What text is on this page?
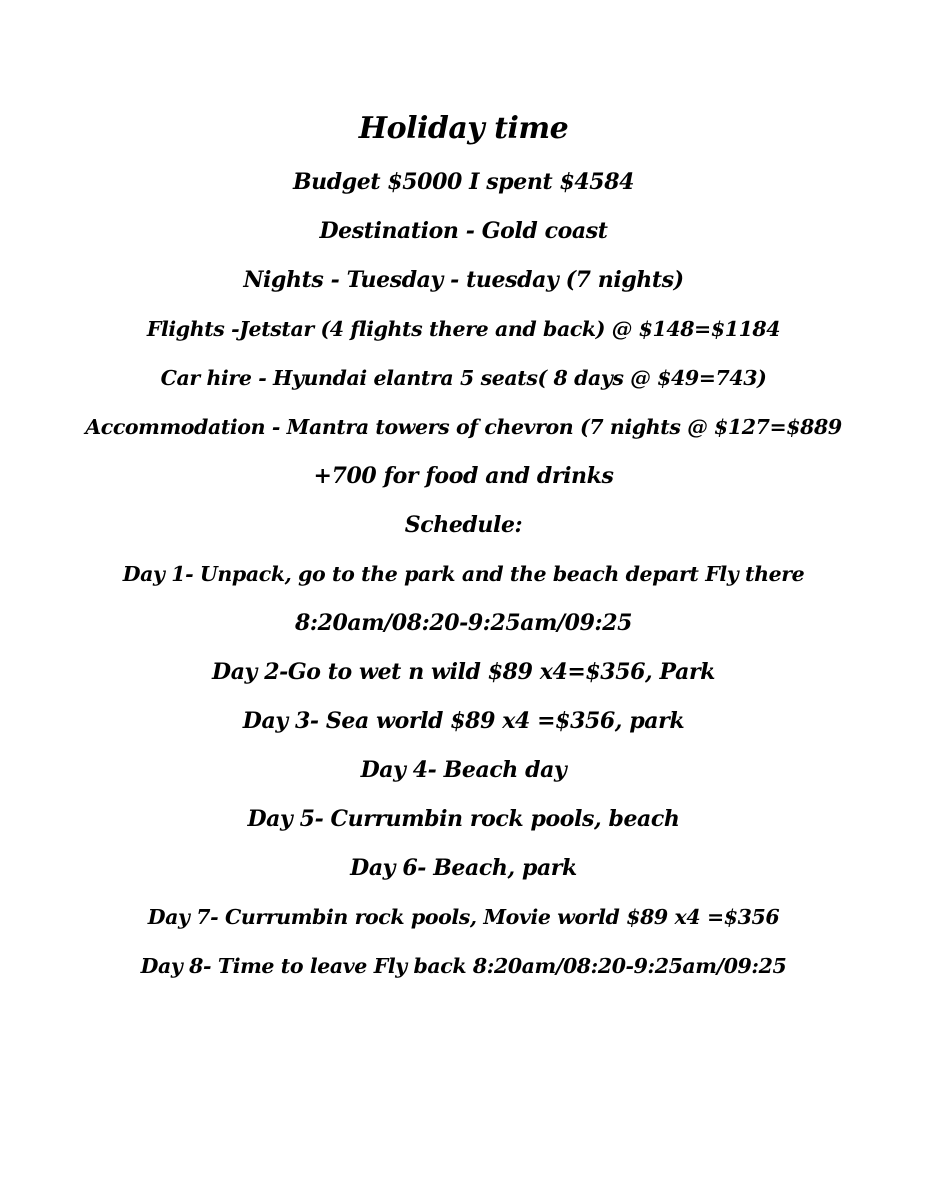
Holiday time
Budget $5000 I spent $4584
Destination - Gold coast
Nights - Tuesday - tuesday (7 nights)
Flights -Jetstar (4 flights there and back) @ $148=$1184
Car hire - Hyundai elantra 5 seats( 8 days @ $49=743)
Accommodation - Mantra towers of chevron (7 nights @ $127=$889
+700 for food and drinks
Schedule:
Day 1- Unpack, go to the park and the beach depart Fly there
8:20am/08:20-9:25am/09:25
Day 2-Go to wet n wild $89 x4=$356, Park
Day 3- Sea world $89 x4 =$356, park
Day 4- Beach day
Day 5- Currumbin rock pools, beach
Day 6- Beach, park
Day 7- Currumbin rock pools, Movie world $89 x4 =$356
Day 8- Time to leave Fly back 8:20am/08:20-9:25am/09:25
